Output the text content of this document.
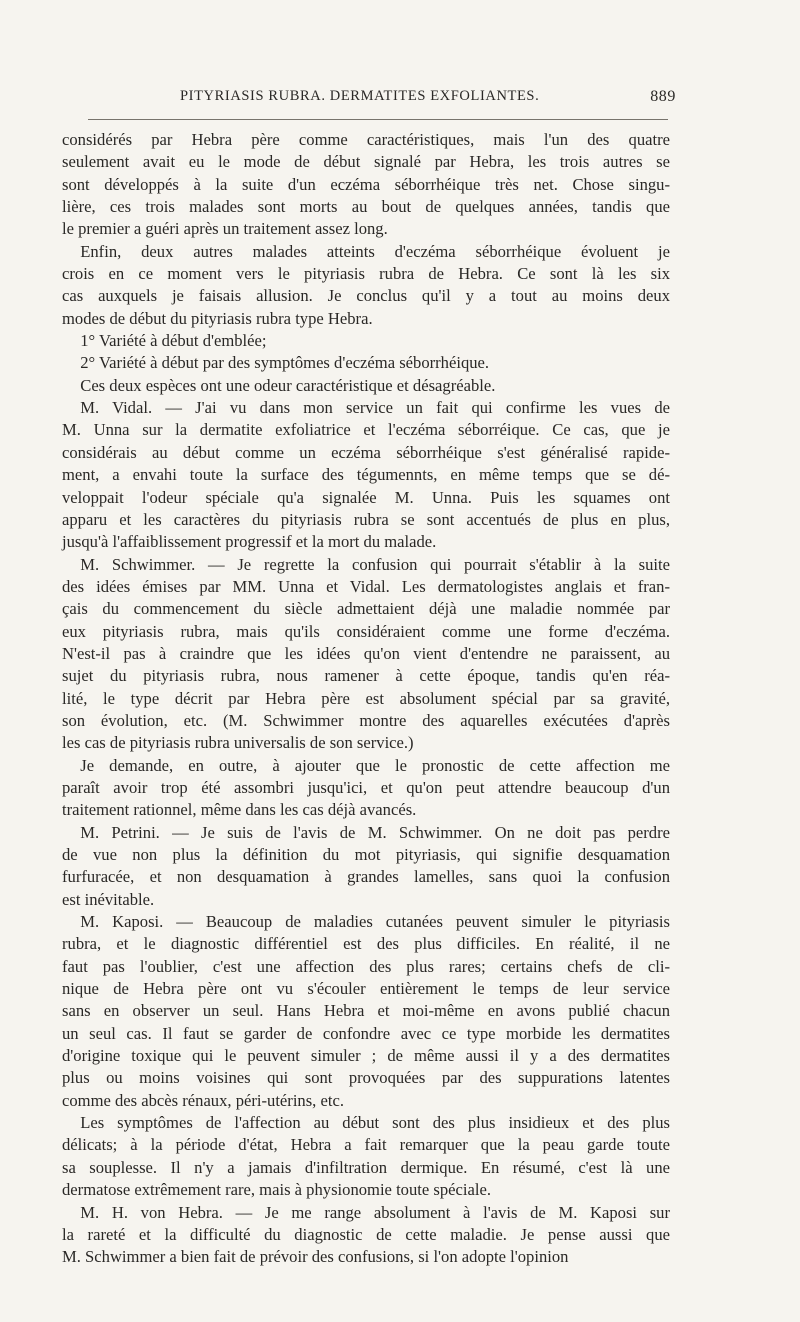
PITYRIASIS RUBRA. DERMATITES EXFOLIANTES.	889
considérés par Hebra père comme caractéristiques, mais l'un des quatre
seulement avait eu le mode de début signalé par Hebra, les trois autres se
sont développés à la suite d'un eczéma séborrhéique très net. Chose singu-
lière, ces trois malades sont morts au bout de quelques années, tandis que
le premier a guéri après un traitement assez long.
Enfin, deux autres malades atteints d'eczéma séborrhéique évoluent je
crois en ce moment vers le pityriasis rubra de Hebra. Ce sont là les six
cas auxquels je faisais allusion. Je conclus qu'il y a tout au moins deux
modes de début du pityriasis rubra type Hebra.
1° Variété à début d'emblée;
2° Variété à début par des symptômes d'eczéma séborrhéique.
Ces deux espèces ont une odeur caractéristique et désagréable.
M. Vidal. — J'ai vu dans mon service un fait qui confirme les vues de
M. Unna sur la dermatite exfoliatrice et l'eczéma séborréique. Ce cas, que je
considérais au début comme un eczéma séborrhéique s'est généralisé rapide-
ment, a envahi toute la surface des tégumennts, en même temps que se dé-
veloppait l'odeur spéciale qu'a signalée M. Unna. Puis les squames ont
apparu et les caractères du pityriasis rubra se sont accentués de plus en plus,
jusqu'à l'affaiblissement progressif et la mort du malade.
M. Schwimmer. — Je regrette la confusion qui pourrait s'établir à la suite
des idées émises par MM. Unna et Vidal. Les dermatologistes anglais et fran-
çais du commencement du siècle admettaient déjà une maladie nommée par
eux pityriasis rubra, mais qu'ils considéraient comme une forme d'eczéma.
N'est-il pas à craindre que les idées qu'on vient d'entendre ne paraissent, au
sujet du pityriasis rubra, nous ramener à cette époque, tandis qu'en réa-
lité, le type décrit par Hebra père est absolument spécial par sa gravité,
son évolution, etc. (M. Schwimmer montre des aquarelles exécutées d'après
les cas de pityriasis rubra universalis de son service.)
Je demande, en outre, à ajouter que le pronostic de cette affection me
paraît avoir trop été assombri jusqu'ici, et qu'on peut attendre beaucoup d'un
traitement rationnel, même dans les cas déjà avancés.
M. Petrini. — Je suis de l'avis de M. Schwimmer. On ne doit pas perdre
de vue non plus la définition du mot pityriasis, qui signifie desquamation
furfuracée, et non desquamation à grandes lamelles, sans quoi la confusion
est inévitable.
M. Kaposi. — Beaucoup de maladies cutanées peuvent simuler le pityriasis
rubra, et le diagnostic différentiel est des plus difficiles. En réalité, il ne
faut pas l'oublier, c'est une affection des plus rares; certains chefs de cli-
nique de Hebra père ont vu s'écouler entièrement le temps de leur service
sans en observer un seul. Hans Hebra et moi-même en avons publié chacun
un seul cas. Il faut se garder de confondre avec ce type morbide les dermatites
d'origine toxique qui le peuvent simuler ; de même aussi il y a des dermatites
plus ou moins voisines qui sont provoquées par des suppurations latentes
comme des abcès rénaux, péri-utérins, etc.
Les symptômes de l'affection au début sont des plus insidieux et des plus
délicats; à la période d'état, Hebra a fait remarquer que la peau garde toute
sa souplesse. Il n'y a jamais d'infiltration dermique. En résumé, c'est là une
dermatose extrêmement rare, mais à physionomie toute spéciale.
M. H. von Hebra. — Je me range absolument à l'avis de M. Kaposi sur
la rareté et la difficulté du diagnostic de cette maladie. Je pense aussi que
M. Schwimmer a bien fait de prévoir des confusions, si l'on adopte l'opinion
